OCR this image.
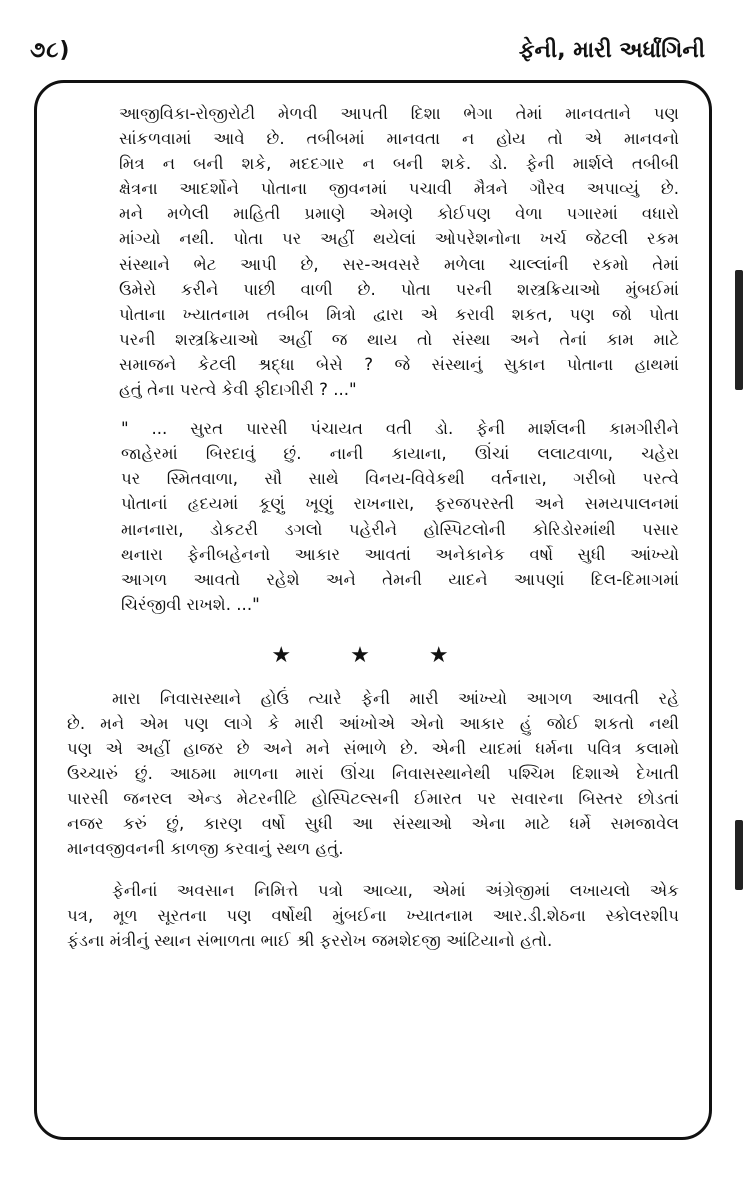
૭૮)	ફેની, મારી અર્ધાંગિની
આજીવિકા-રોજીરોટી મેળવી આપતી દિશા ભેગા તેમાં માનવતાને પણ
સાંકળવામાં આવે છે. તબીબમાં માનવતા ન હોય તો એ માનવનો
મિત્ર ન બની શકે, મદદગાર ન બની શકે. ડો. ફેની માર્શલે તબીબી
ક્ષેત્રના આદર્શોને પોતાના જીવનમાં પચાવી મૈત્રને ગૌરવ અપાવ્યું છે.
મને મળેલી માહિતી પ્રમાણે એમણે કોઈપણ વેળા પગારમાં વધારો
માંગ્યો નથી. પોતા પર અહીં થયેલાં ઓપરેશનોના ખર્ચ જેટલી રકમ
સંસ્થાને ભેટ આપી છે, સર-અવસરે મળેલા ચાલ્લાંની રકમો તેમાં
ઉમેરો કરીને પાછી વાળી છે. પોતા પરની શસ્ત્રક્રિયાઓ મુંબઈમાં
પોતાના ખ્યાતનામ તબીબ મિત્રો દ્વારા એ કરાવી શકત, પણ જો પોતા
પરની શસ્ત્રક્રિયાઓ અહીં જ થાય તો સંસ્થા અને તેનાં કામ માટે
સમાજને કેટલી શ્રદ્ધા બેસે ? જે સંસ્થાનું સુકાન પોતાના હાથમાં
હતું તેના પરત્વે કેવી ફીદાગીરી ? ..."
" ... સુરત પારસી પંચાયત વતી ડો. ફેની માર્શલની કામગીરીને
જાહેરમાં બિરદાવું છું. નાની કાયાના, ઊંચાં લલાટવાળા, ચહેરા
પર સ્મિતવાળા, સૌ સાથે વિનય-વિવેકથી વર્તનારા, ગરીબો પરત્વે
પોતાનાં હૃદયમાં કૂણું ખૂણું રાખનારા, ફરજપરસ્તી અને સમયપાલનમાં
માનનારા, ડોકટરી ડગલો પહેરીને હોસ્પિટલોની કોરિડોરમાંથી પસાર
થનારા ફેનીબહેનનો આકાર આવતાં અનેકાનેક વર્ષો સુધી આંખ્યો
આગળ આવતો રહેશે અને તેમની યાદને આપણાં દિલ-દિમાગમાં
ચિરંજીવી રાખશે. ..."
★ ★ ★
મારા નિવાસસ્થાને હોઉં ત્યારે ફેની મારી આંખ્યો આગળ આવતી રહે
છે. મને એમ પણ લાગે કે મારી આંખોએ એનો આકાર હું જોઈ શકતો નથી
પણ એ અહીં હાજર છે અને મને સંભાળે છે. એની યાદમાં ધર્મના પવિત્ર કલામો
ઉચ્ચારું છું. આઠમા માળના મારાં ઊંચા નિવાસસ્થાનેથી પશ્ચિમ દિશાએ દેખાતી
પારસી જનરલ એન્ડ મેટરનીટિ હોસ્પિટલ્સની ઈમારત પર સવારના બિસ્તર છોડતાં
નજર કરું છું, કારણ વર્ષો સુધી આ સંસ્થાઓ એના માટે ધર્મે સમજાવેલ
માનવજીવનની કાળજી કરવાનું સ્થળ હતું.
ફેનીનાં અવસાન નિમિત્તે પત્રો આવ્યા, એમાં અંગ્રેજીમાં લખાયલો એક
પત્ર, મૂળ સૂરતના પણ વર્ષોથી મુંબઈના ખ્યાતનામ આર.ડી.શેઠના સ્કોલરશીપ
ફંડના મંત્રીનું સ્થાન સંભાળતા ભાઈ શ્રી ફરરોખ જમશેદજી આંટિયાનો હતો.
